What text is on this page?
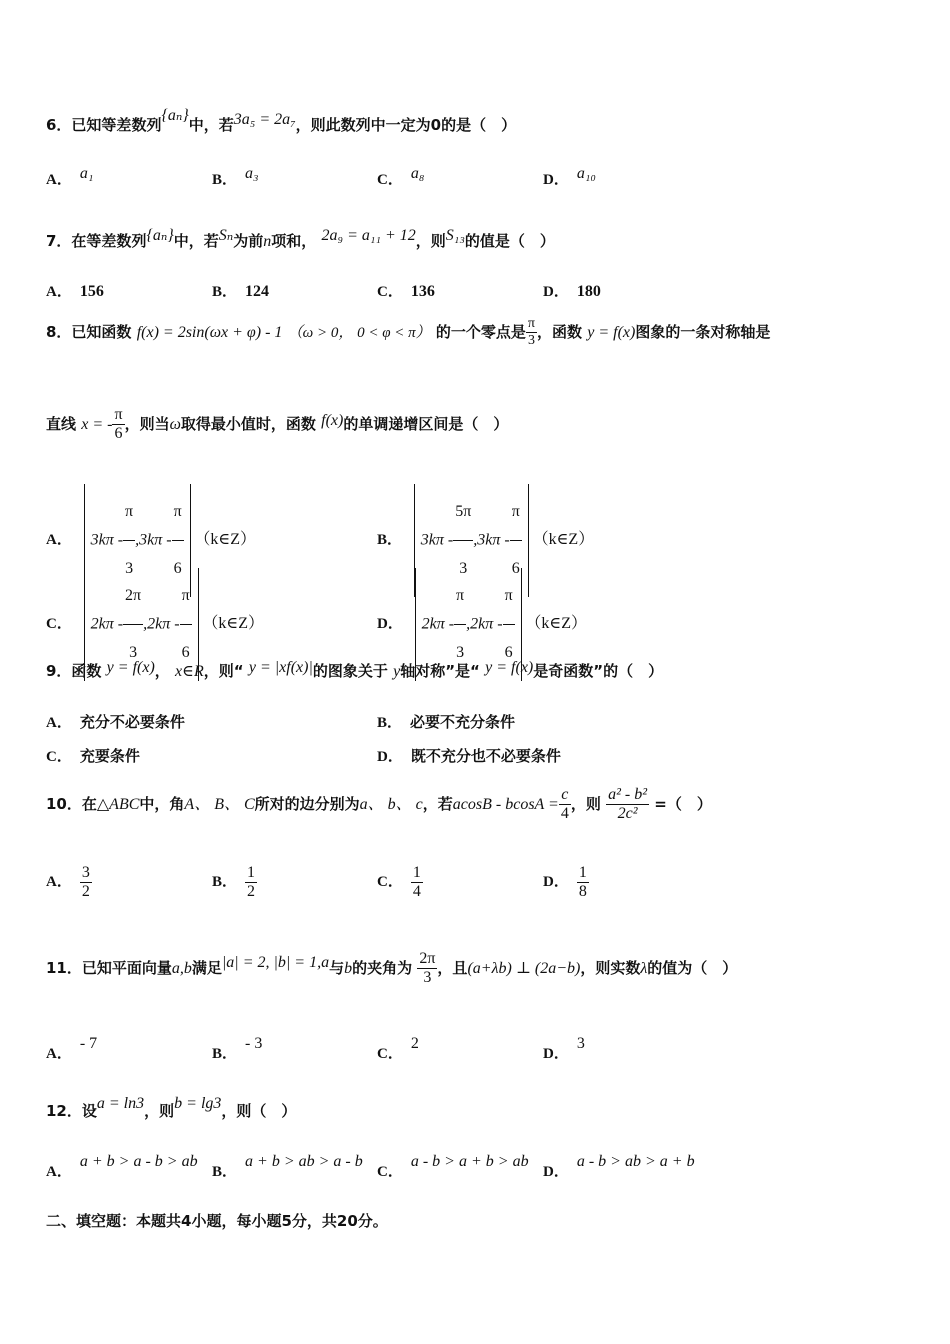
6．已知等差数列{aₙ}中，若3a₅ = 2a₇，则此数列中一定为0的是（　）
A． a₁	B． a₃	C． a₈	D． a₁₀
7．在等差数列{aₙ}中，若Sₙ为前n项和， 2a₉ = a₁₁ + 12，则S₁₃的值是（　）
A． 156	B． 124	C． 136	D． 180
8．已知函数 f(x) = 2sin(ωx + φ) - 1 （ω > 0， 0 < φ < π） 的一个零点是 $\frac{\pi}{3}$ ，函数 y = f(x)图象的一条对称轴是
直线 x = - $\frac{\pi}{6}$ ，则当ω取得最小值时，函数 f(x)的单调递增区间是（　）
A． $3k\pi - \frac{\pi}{3} ,3k\pi - \frac{\pi}{6}$ （k∈Z）	B． $3k\pi - \frac{5\pi}{3} ,3k\pi - \frac{\pi}{6}$ （k∈Z）
C． $2k\pi - \frac{2\pi}{3} ,2k\pi - \frac{\pi}{6}$ （k∈Z）	D． $2k\pi - \frac{\pi}{3} ,2k\pi - \frac{\pi}{6}$ （k∈Z）
9．函数 y = f(x)， x∈R，则“ y = |xf(x)|的图象关于 y轴对称”是“ y = f(x)是奇函数”的（　）
A． 充分不必要条件	B． 必要不充分条件
C． 充要条件	D． 既不充分也不必要条件
10．在△ABC中，角A、 B、 C所对的边分别为a、 b、 c，若$acosB - bcosA = \frac{c}{4}$ ，则 $\frac{\text{a² - b²}}{\text{2c²}}$ =（　）
A． $\frac{3}{2}$	B． $\frac{1}{2}$	C． $\frac{1}{4}$	D． $\frac{1}{8}$
11．已知平面向量a,b满足|a| = 2, |b| = 1,a与b的夹角为 $\frac{2\pi}{3}$ ，且(a+λb) ⊥ (2a−b)，则实数λ的值为（　）
A．- 7
B．- 3
C．2
D．3
12．设a = ln3，则b = lg3，则（　）
A．a + b > a - b > ab
B．a + b > ab > a - b
C．a - b > a + b > ab
D．a - b > ab > a + b
二、填空题：本题共4小题，每小题5分，共20分。
